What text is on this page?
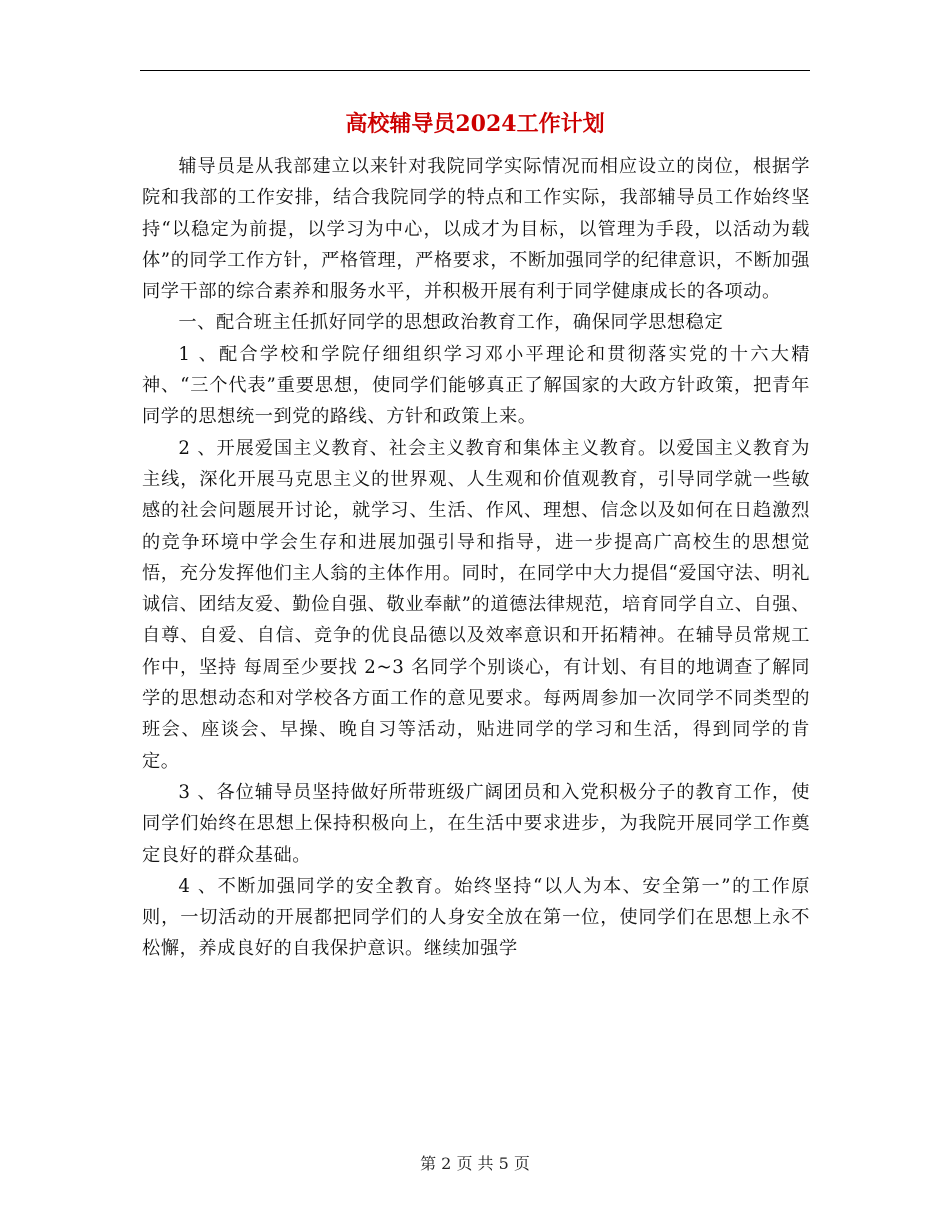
高校辅导员2024工作计划

辅导员是从我部建立以来针对我院同学实际情况而相应设立的岗位，根据学院和我部的工作安排，结合我院同学的特点和工作实际，我部辅导员工作始终坚持“以稳定为前提，以学习为中心，以成才为目标，以管理为手段，以活动为载体”的同学工作方针，严格管理，严格要求，不断加强同学的纪律意识，不断加强同学干部的综合素养和服务水平，并积极开展有利于同学健康成长的各项动。

一、配合班主任抓好同学的思想政治教育工作，确保同学思想稳定

1 、配合学校和学院仔细组织学习邓小平理论和贯彻落实党的十六大精神、“三个代表”重要思想，使同学们能够真正了解国家的大政方针政策，把青年同学的思想统一到党的路线、方针和政策上来。

2 、开展爱国主义教育、社会主义教育和集体主义教育。以爱国主义教育为主线，深化开展马克思主义的世界观、人生观和价值观教育，引导同学就一些敏感的社会问题展开讨论，就学习、生活、作风、理想、信念以及如何在日趋激烈的竞争环境中学会生存和进展加强引导和指导，进一步提高广高校生的思想觉悟，充分发挥他们主人翁的主体作用。同时，在同学中大力提倡“爱国守法、明礼诚信、团结友爱、勤俭自强、敬业奉献”的道德法律规范，培育同学自立、自强、自尊、自爱、自信、竞争的优良品德以及效率意识和开拓精神。在辅导员常规工作中，坚持 每周至少要找 2~3 名同学个别谈心，有计划、有目的地调查了解同学的思想动态和对学校各方面工作的意见要求。每两周参加一次同学不同类型的班会、座谈会、早操、晚自习等活动，贴进同学的学习和生活，得到同学的肯定。

3 、各位辅导员坚持做好所带班级广阔团员和入党积极分子的教育工作，使同学们始终在思想上保持积极向上，在生活中要求进步，为我院开展同学工作奠定良好的群众基础。

4 、不断加强同学的安全教育。始终坚持“以人为本、安全第一”的工作原则，一切活动的开展都把同学们的人身安全放在第一位，使同学们在思想上永不松懈，养成良好的自我保护意识。继续加强学

第 2 页 共 5 页
